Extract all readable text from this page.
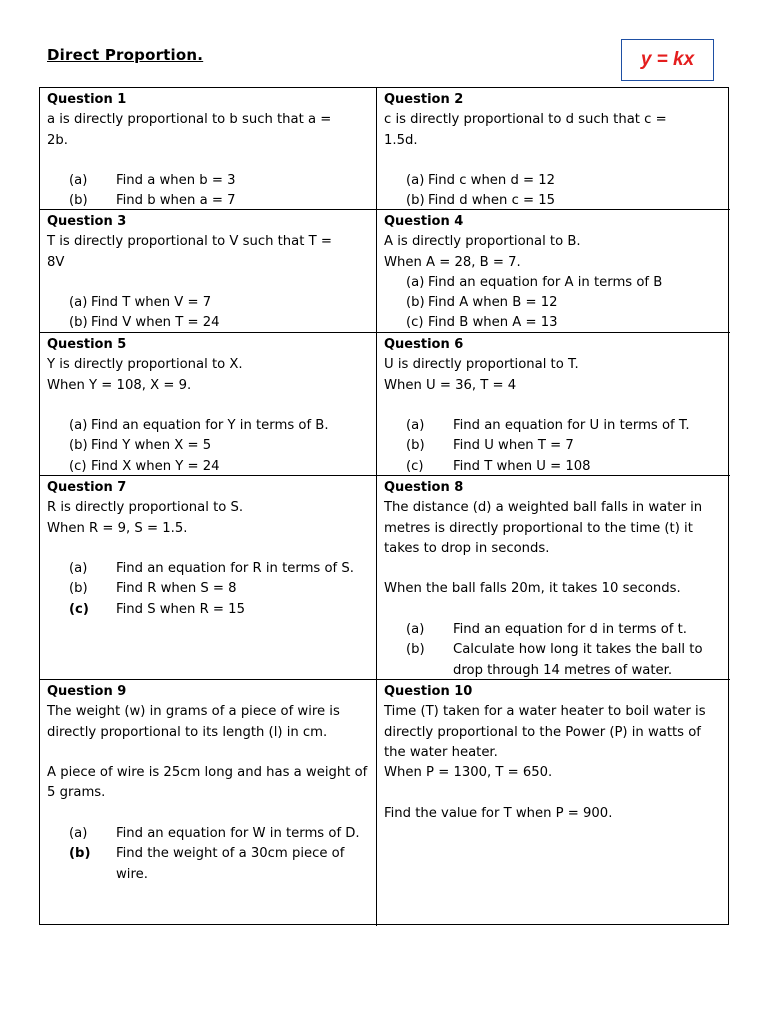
Direct Proportion.	y = kx
Question 1
a is directly proportional to b such that a =
2b.
(a)	Find a when b = 3
(b)	Find b when a = 7
Question 2
c is directly proportional to d such that c =
1.5d.
(a) Find c when d = 12
(b) Find d when c = 15
Question 3
T is directly proportional to V such that T =
8V
(a) Find T when V = 7
(b) Find V when T = 24
Question 4
A is directly proportional to B.
When A = 28, B = 7.
(a) Find an equation for A in terms of B
(b) Find A when B = 12
(c) Find B when A = 13
Question 5
Y is directly proportional to X.
When Y = 108, X = 9.
(a) Find an equation for Y in terms of B.
(b) Find Y when X = 5
(c) Find X when Y = 24
Question 6
U is directly proportional to T.
When U = 36, T = 4
(a)	Find an equation for U in terms of T.
(b)	Find U when T = 7
(c)	Find T when U = 108
Question 7
R is directly proportional to S.
When R = 9, S = 1.5.
(a)	Find an equation for R in terms of S.
(b)	Find R when S = 8
(c) Find S when R = 15
Question 8
The distance (d) a weighted ball falls in water in metres is directly proportional to the time (t) it takes to drop in seconds.
When the ball falls 20m, it takes 10 seconds.
(a)	Find an equation for d in terms of t.
(b)	Calculate how long it takes the ball to drop through 14 metres of water.
Question 9
The weight (w) in grams of a piece of wire is directly proportional to its length (l) in cm.
A piece of wire is 25cm long and has a weight of 5 grams.
(a)	Find an equation for W in terms of D.
(b) Find the weight of a 30cm piece of wire.
Question 10
Time (T) taken for a water heater to boil water is directly proportional to the Power (P) in watts of the water heater.
When P = 1300, T = 650.
Find the value for T when P = 900.
